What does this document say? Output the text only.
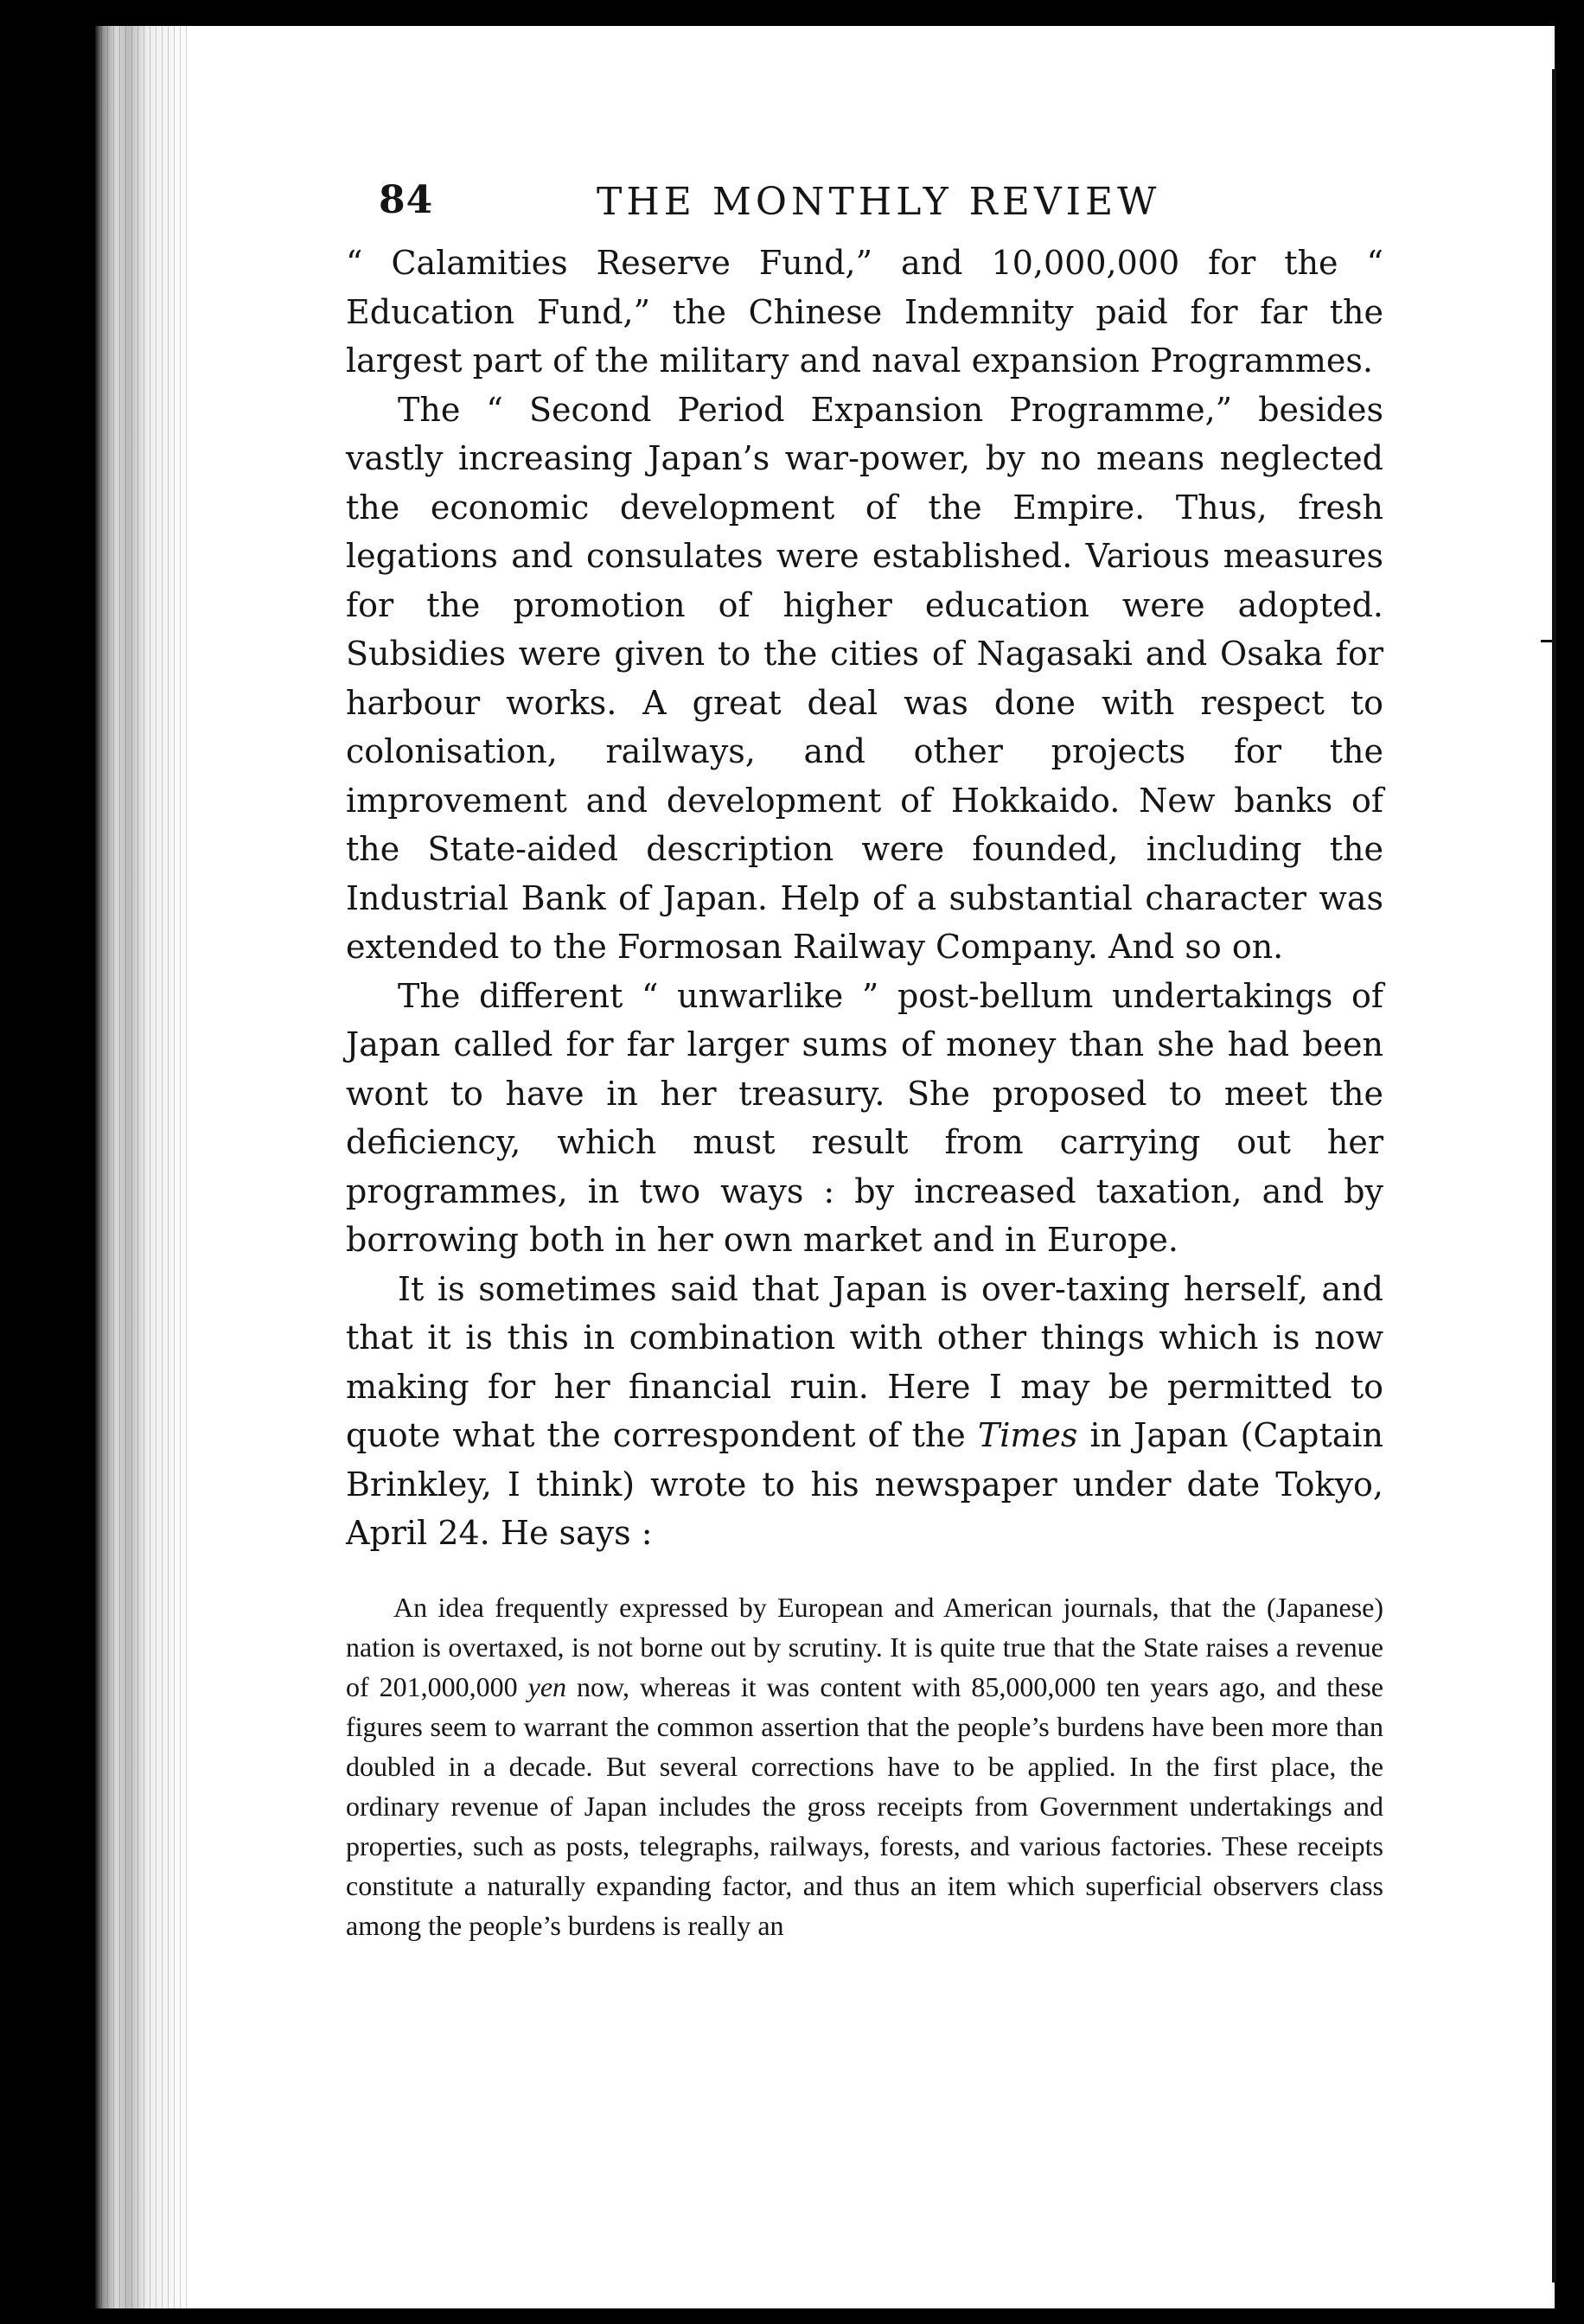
84	THE MONTHLY REVIEW

“ Calamities Reserve Fund,” and 10,000,000 for the “ Education Fund,” the Chinese Indemnity paid for far the largest part of the military and naval expansion Programmes.

The “ Second Period Expansion Programme,” besides vastly increasing Japan’s war-power, by no means neglected the economic development of the Empire. Thus, fresh legations and consulates were established. Various measures for the promotion of higher education were adopted. Subsidies were given to the cities of Nagasaki and Osaka for harbour works. A great deal was done with respect to colonisation, railways, and other projects for the improvement and development of Hokkaido. New banks of the State-aided description were founded, including the Industrial Bank of Japan. Help of a substantial character was extended to the Formosan Railway Company. And so on.

The different “ unwarlike ” post-bellum undertakings of Japan called for far larger sums of money than she had been wont to have in her treasury. She proposed to meet the deficiency, which must result from carrying out her programmes, in two ways : by increased taxation, and by borrowing both in her own market and in Europe.

It is sometimes said that Japan is over-taxing herself, and that it is this in combination with other things which is now making for her financial ruin. Here I may be permitted to quote what the correspondent of the Times in Japan (Captain Brinkley, I think) wrote to his newspaper under date Tokyo, April 24. He says :

An idea frequently expressed by European and American journals, that the (Japanese) nation is overtaxed, is not borne out by scrutiny. It is quite true that the State raises a revenue of 201,000,000 yen now, whereas it was content with 85,000,000 ten years ago, and these figures seem to warrant the common assertion that the people’s burdens have been more than doubled in a decade. But several corrections have to be applied. In the first place, the ordinary revenue of Japan includes the gross receipts from Government undertakings and properties, such as posts, telegraphs, railways, forests, and various factories. These receipts constitute a naturally expanding factor, and thus an item which superficial observers class among the people’s burdens is really an
